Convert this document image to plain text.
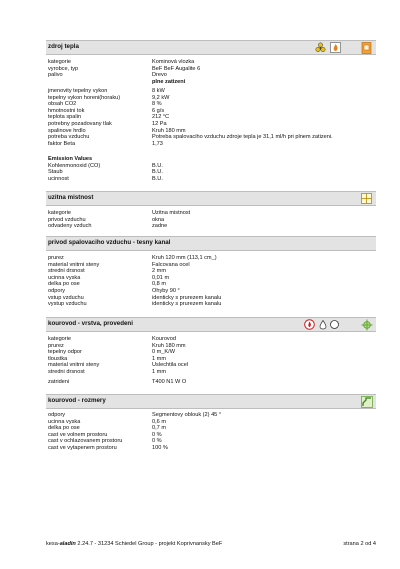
zdroj tepla
kategorie	Kominová vlozka
vyrobce, typ	BeF BeF Augalite 6
palivo	Drevo
plne zatizeni
jmenovity tepelny vykon	8 kW
tepelny vykon horeni(horaku)	9,2 kW
obsah CO2	8 %
hmotnostni tok	6 g/s
teplota spalin	212 °C
potrebny pozadovany tlak	12 Pa
spalinove hrdlo	Kruh 180 mm
potreba vzduchu	Potreba spalovaciho vzduchu zdroje tepla je 31,1 ml/h pri plnem zatizeni.
faktor Beta	1,73
Emission Values
Kohlenmonoxid (CO)	B.U.
Staub	B.U.
ucinnost	B.U.
uzitna mistnost
kategorie	Uzitna mistnost
privod vzduchu	okna
odvadeny vzduch	zadne
privod spalovaciho vzduchu - tesny kanal
prurez	Kruh 120 mm (113,1 cm_)
material vnitrni steny	Falcovana ocel
stredni drsnost	2 mm
ucinna vyska	0,01 m
delka po ose	0,8 m
odpory	Ohyby 90 °
vstup vzduchu	identicky s prurezem kanalu
vystup vzduchu	identicky s prurezem kanalu
kourovod - vrstva, provedeni
kategorie	Kourovod
prurez	Kruh 180 mm
tepelny odpor	0 m_K/W
tloustka	1 mm
material vnitrni steny	Uslechtila ocel
stredni drsnost	1 mm
zatrideni	T400 N1 W O
kourovod - rozmery
odpory	Segmentovy oblouk (2) 45 °
ucinna vyska	0,6 m
delka po ose	0,7 m
cast ve volnem prostoru	0 %
cast v ochlazovanem prostoru	0 %
cast ve vytapenem prostoru	100 %
kesa-aladin 2.24.7 - 31234 Schiedel Group - projekt Koprivnansky BeF	strana 2 od 4
